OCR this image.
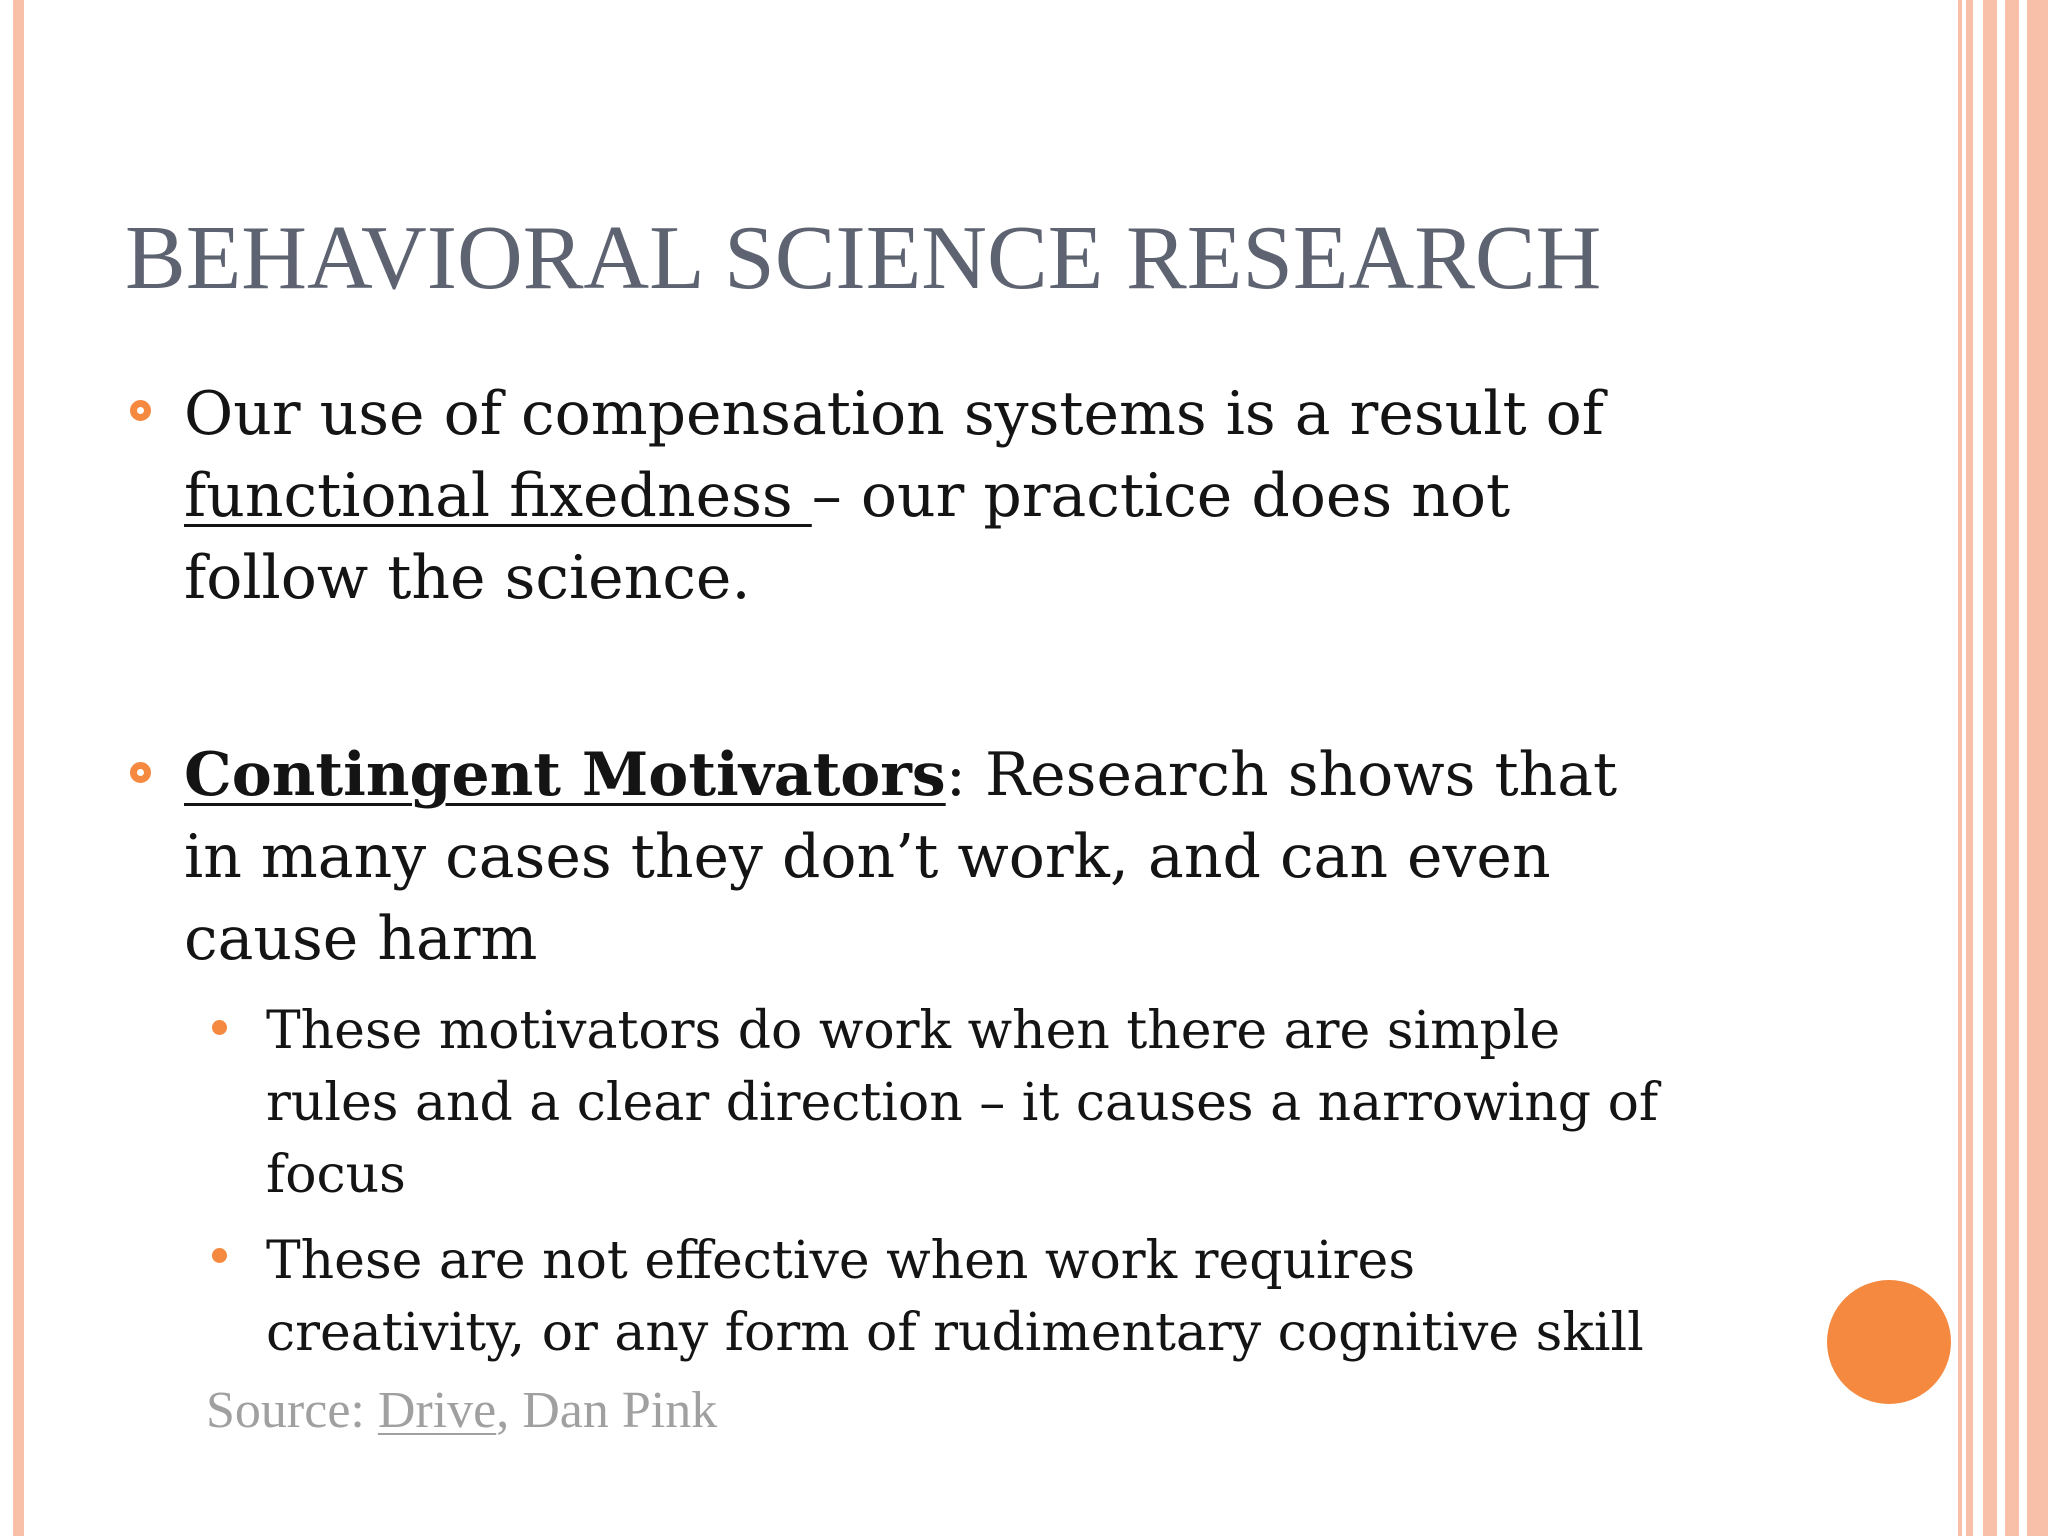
BEHAVIORAL SCIENCE RESEARCH
Our use of compensation systems is a result of
functional fixedness – our practice does not
follow the science.
Contingent Motivators: Research shows that
in many cases they don’t work, and can even
cause harm
These motivators do work when there are simple
rules and a clear direction – it causes a narrowing of
focus
These are not effective when work requires
creativity, or any form of rudimentary cognitive skill
Source: Drive, Dan Pink
